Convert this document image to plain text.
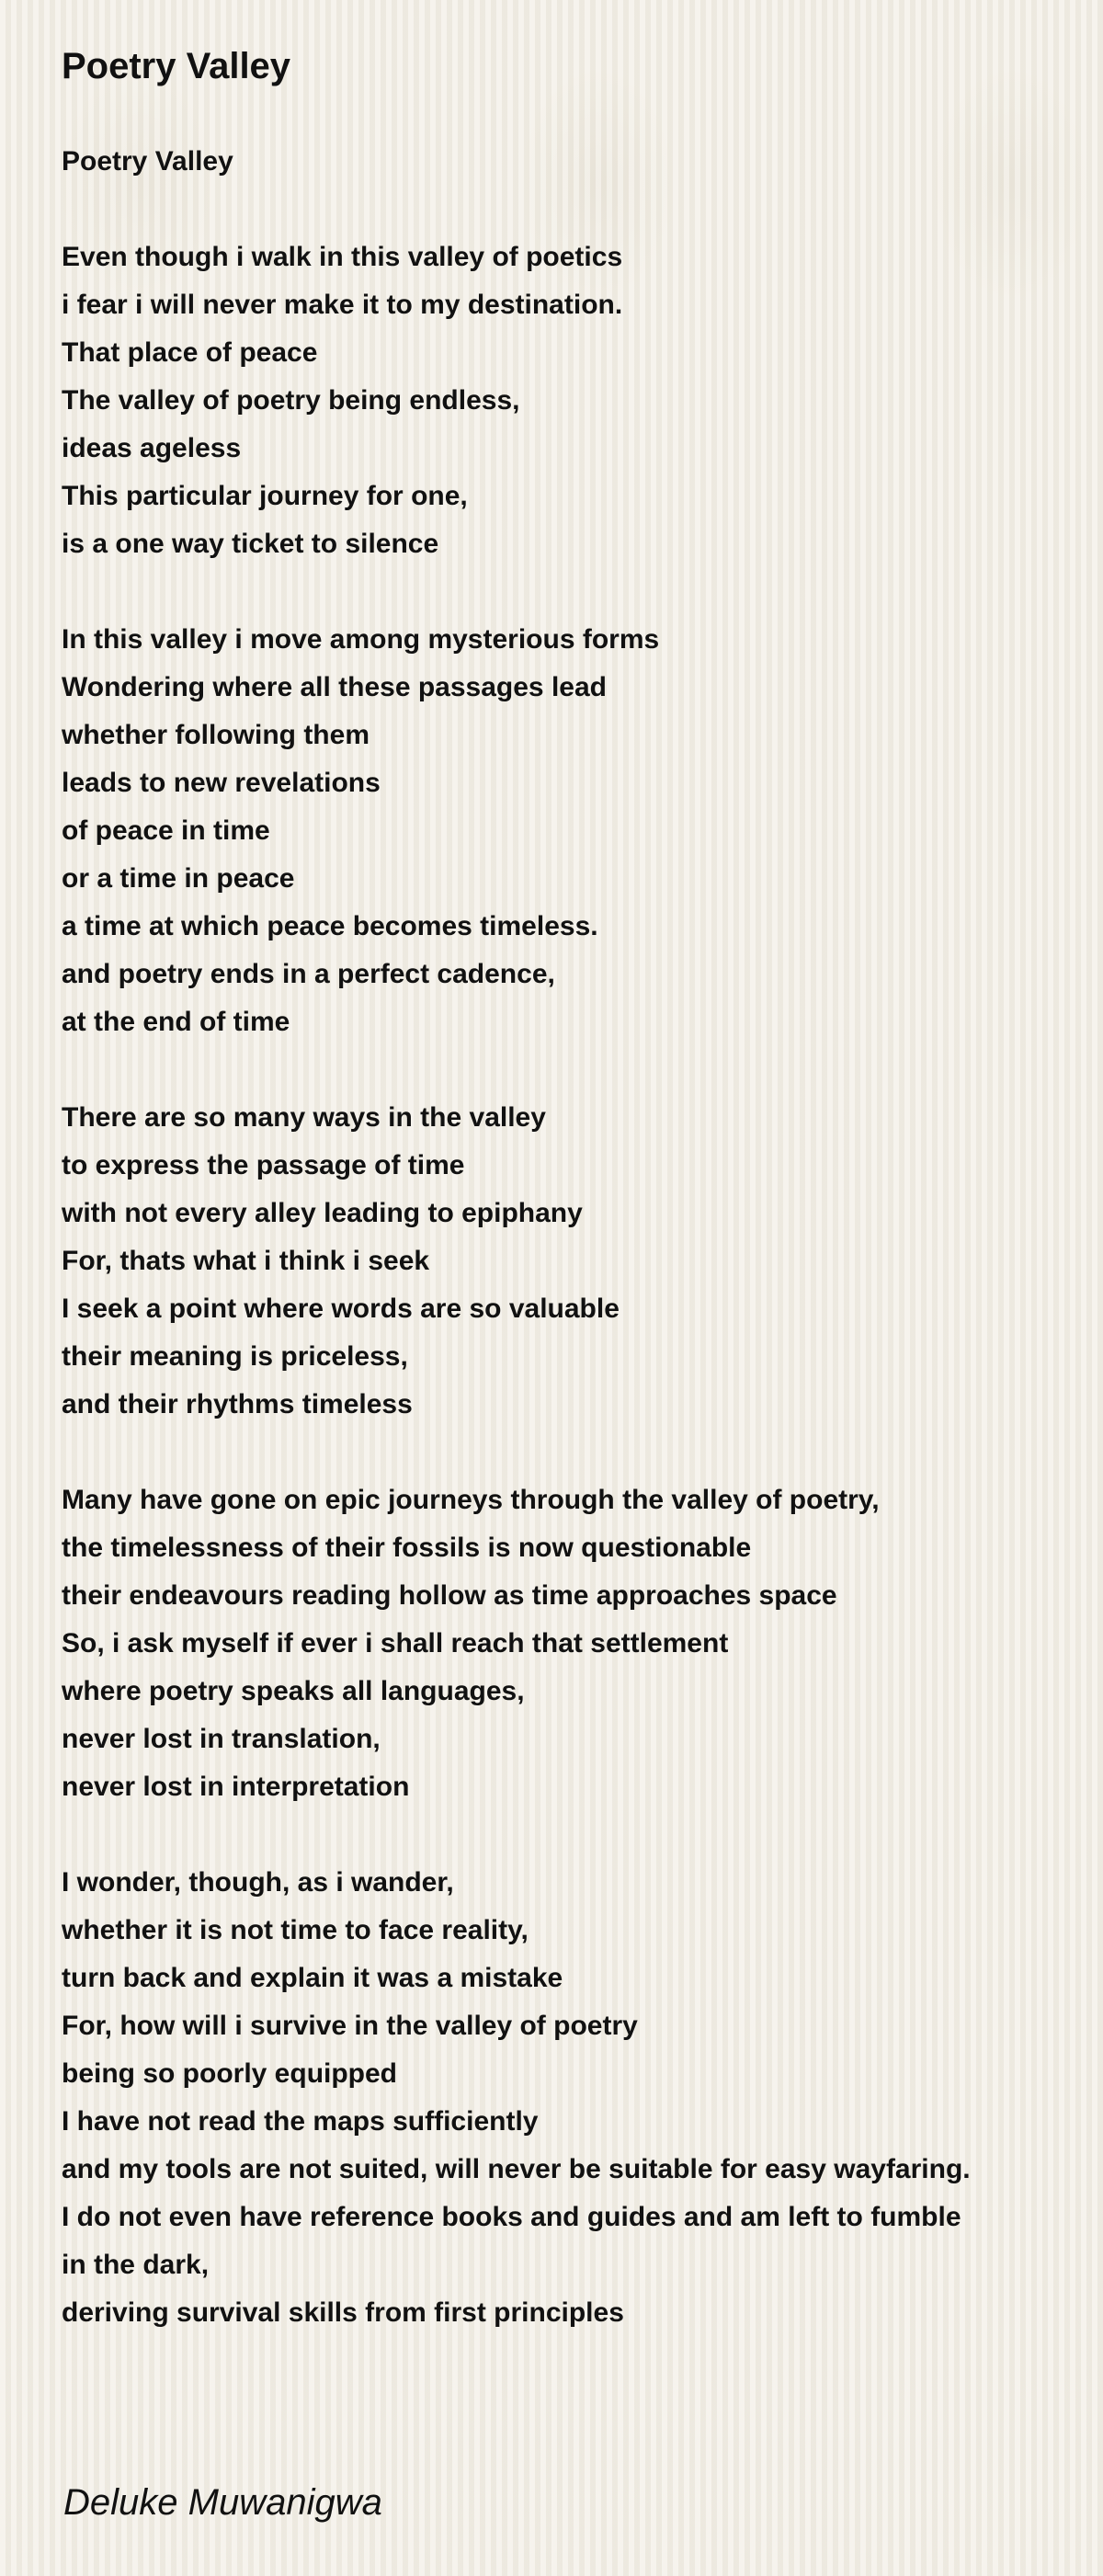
Poetry Valley
Poetry Valley
Even though i walk in this valley of poetics
i fear i will never make it to my destination.
That place of peace
The valley of poetry being endless,
ideas ageless
This particular journey for one,
is a one way ticket to silence
In this valley i move among mysterious forms
Wondering where all these passages lead
whether following them
leads to new revelations
of peace in time
or a time in peace
a time at which peace becomes timeless.
and poetry ends in a perfect cadence,
at the end of time
There are so many ways in the valley
to express the passage of time
with not every alley leading to epiphany
For, thats what i think i seek
I seek a point where words are so valuable
their meaning is priceless,
and their rhythms timeless
Many have gone on epic journeys through the valley of poetry,
the timelessness of their fossils is now questionable
their endeavours reading hollow as time approaches space
So, i ask myself if ever i shall reach that settlement
where poetry speaks all languages,
never lost in translation,
never lost in interpretation
I wonder, though, as i wander,
whether it is not time to face reality,
turn back and explain it was a mistake
For, how will i survive in the valley of poetry
being so poorly equipped
I have not read the maps sufficiently
and my tools are not suited, will never be suitable for easy wayfaring.
I do not even have reference books and guides and am left to fumble
in the dark,
deriving survival skills from first principles

Deluke Muwanigwa
